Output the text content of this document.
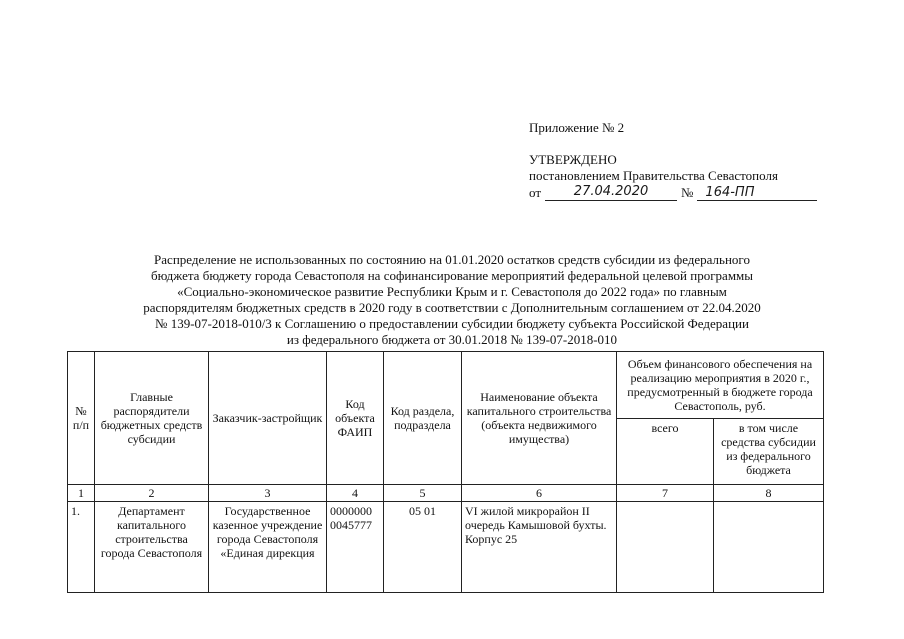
Приложение № 2
УТВЕРЖДЕНО
постановлением Правительства Севастополя
от	27.04.2020	№ 164-ПП
Распределение не использованных по состоянию на 01.01.2020 остатков средств субсидии из федерального
бюджета бюджету города Севастополя на софинансирование мероприятий федеральной целевой программы
«Социально-экономическое развитие Республики Крым и г. Севастополя до 2022 года» по главным
распорядителям бюджетных средств в 2020 году в соответствии с Дополнительным соглашением от 22.04.2020
№ 139-07-2018-010/3 к Соглашению о предоставлении субсидии бюджету субъекта Российской Федерации
из федерального бюджета от 30.01.2018 № 139-07-2018-010
№ п/п	Главные распорядители бюджетных средств субсидии	Заказчик-застройщик	Код объекта ФАИП	Код раздела, подраздела	Наименование объекта капитального строительства (объекта недвижимого имущества)	Объем финансового обеспечения на реализацию мероприятия в 2020 г., предусмотренный в бюджете города Севастополь, руб.	
						всего	в том числе средства субсидии из федерального бюджета
1	2	3	4	5	6	7	8
1.	Департамент капитального строительства города Севастополя	Государственное казенное учреждение города Севастополя «Единая дирекция	0000000 0045777	05 01	VI жилой микрорайон II очередь Камышовой бухты. Корпус 25		
